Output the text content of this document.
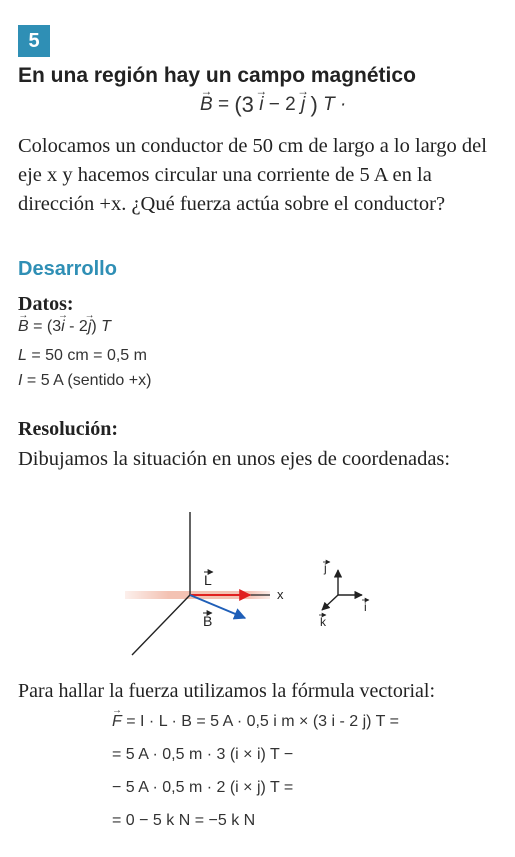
5
En una región hay un campo magnético
→ B = (3 → i − 2 → j ) T ·
Colocamos un conductor de 50 cm de largo a lo largo del eje x y hacemos circular una corriente de 5 A en la dirección +x. ¿Qué fuerza actúa sobre el conductor?
Desarrollo
Datos:
→ B = (3→ i - 2→ j) T
L = 50 cm = 0,5 m
I = 5 A (sentido +x)
Resolución:
Dibujamos la situación en unos ejes de coordenadas:
L
B
x
j
i
k
Para hallar la fuerza utilizamos la fórmula vectorial:
→ F = I · L · B = 5 A · 0,5 i m × (3 i - 2 j) T =
= 5 A · 0,5 m · 3 (i × i) T −
− 5 A · 0,5 m · 2 (i × j) T =
= 0 − 5 k N = −5 k N
